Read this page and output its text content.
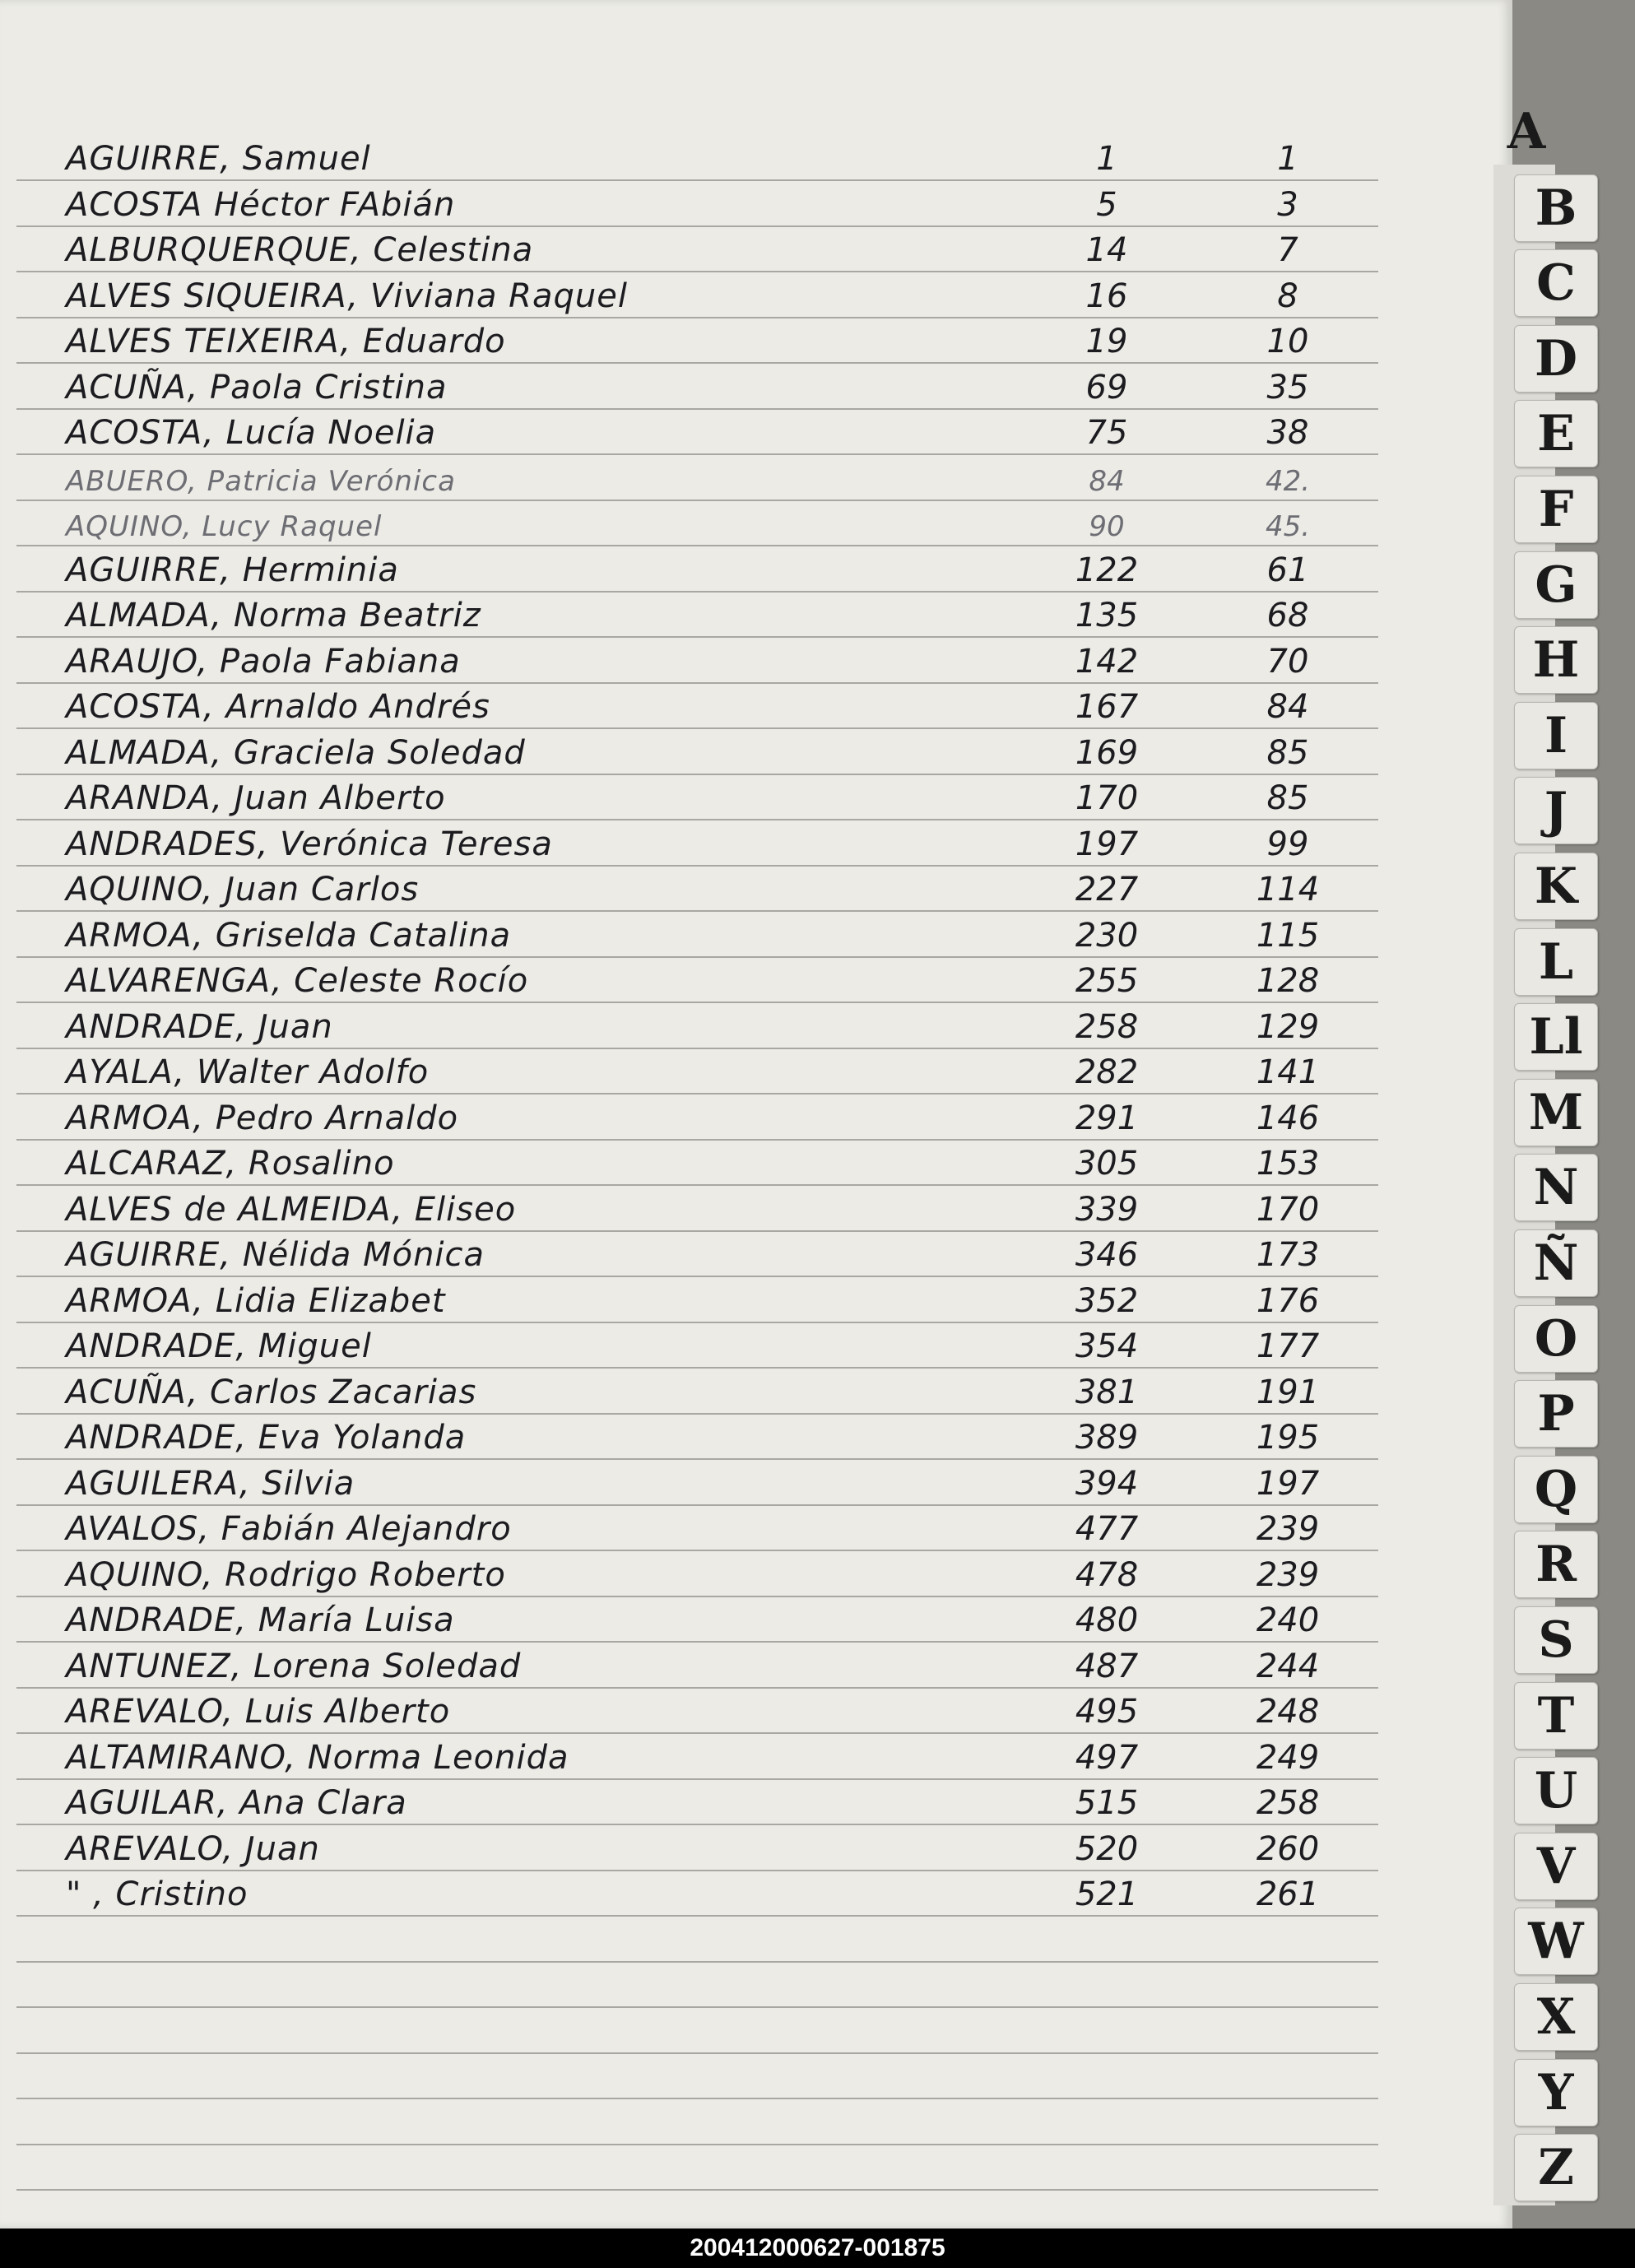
AGUIRRE, Samuel	1	1
ACOSTA Héctor FAbián	5	3
ALBURQUERQUE, Celestina	14	7
ALVES SIQUEIRA, Viviana Raquel	16	8
ALVES TEIXEIRA, Eduardo	19	10
ACUÑA, Paola Cristina	69	35
ACOSTA, Lucía Noelia	75	38
ABUERO, Patricia Verónica	84	42.
AQUINO, Lucy Raquel	90	45.
AGUIRRE, Herminia	122	61
ALMADA, Norma Beatriz	135	68
ARAUJO, Paola Fabiana	142	70
ACOSTA, Arnaldo Andrés	167	84
ALMADA, Graciela Soledad	169	85
ARANDA, Juan Alberto	170	85
ANDRADES, Verónica Teresa	197	99
AQUINO, Juan Carlos	227	114
ARMOA, Griselda Catalina	230	115
ALVARENGA, Celeste Rocío	255	128
ANDRADE, Juan	258	129
AYALA, Walter Adolfo	282	141
ARMOA, Pedro Arnaldo	291	146
ALCARAZ, Rosalino	305	153
ALVES de ALMEIDA, Eliseo	339	170
AGUIRRE, Nélida Mónica	346	173
ARMOA, Lidia Elizabet	352	176
ANDRADE, Miguel	354	177
ACUÑA, Carlos Zacarias	381	191
ANDRADE, Eva Yolanda	389	195
AGUILERA, Silvia	394	197
AVALOS, Fabián Alejandro	477	239
AQUINO, Rodrigo Roberto	478	239
ANDRADE, María Luisa	480	240
ANTUNEZ, Lorena Soledad	487	244
AREVALO, Luis Alberto	495	248
ALTAMIRANO, Norma Leonida	497	249
AGUILAR, Ana Clara	515	258
AREVALO, Juan	520	260
" , Cristino	521	261
A
B
C
D
E
F
G
H
I
J
K
L
Ll
M
N
Ñ
O
P
Q
R
S
T
U
V
W
X
Y
Z
200412000627-001875
